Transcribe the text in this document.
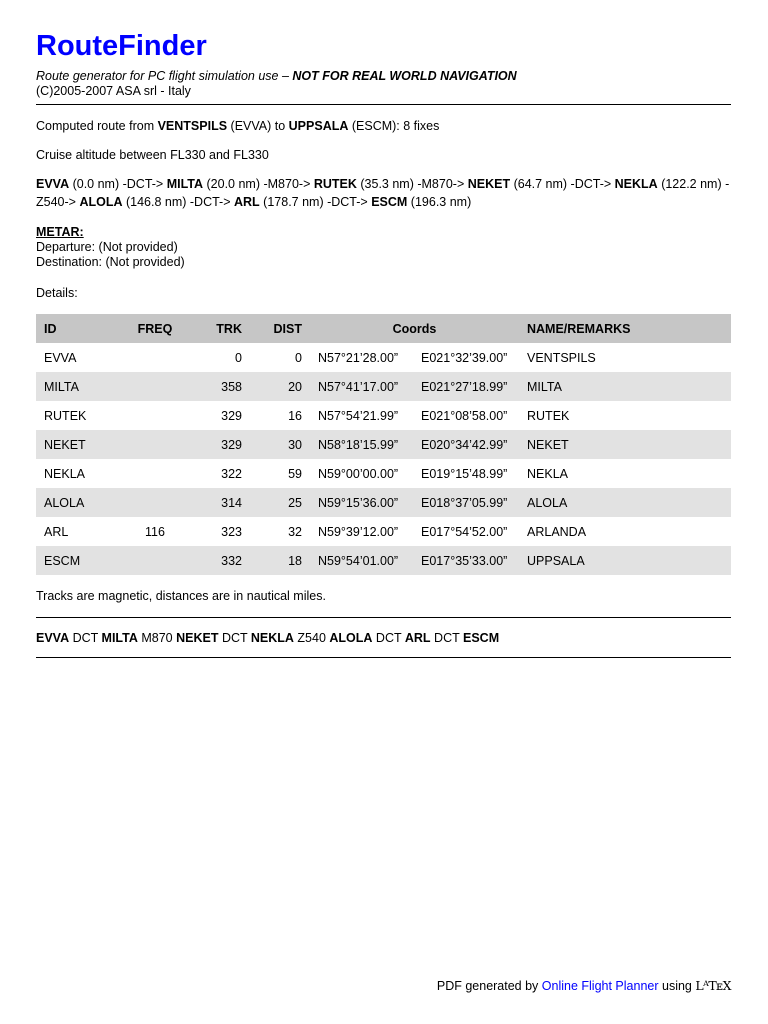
RouteFinder
Route generator for PC flight simulation use – NOT FOR REAL WORLD NAVIGATION
(C)2005-2007 ASA srl - Italy

Computed route from VENTSPILS (EVVA) to UPPSALA (ESCM): 8 fixes

Cruise altitude between FL330 and FL330

EVVA (0.0 nm) -DCT-> MILTA (20.0 nm) -M870-> RUTEK (35.3 nm) -M870-> NEKET (64.7 nm) -DCT-> NEKLA (122.2 nm) -Z540-> ALOLA (146.8 nm) -DCT-> ARL (178.7 nm) -DCT-> ESCM (196.3 nm)

METAR:
Departure: (Not provided)
Destination: (Not provided)

Details:

ID	FREQ	TRK	DIST	Coords		NAME/REMARKS
EVVA		0	0	N57°21’28.00”	E021°32’39.00”	VENTSPILS
MILTA		358	20	N57°41’17.00”	E021°27’18.99”	MILTA
RUTEK		329	16	N57°54’21.99”	E021°08’58.00”	RUTEK
NEKET		329	30	N58°18’15.99”	E020°34’42.99”	NEKET
NEKLA		322	59	N59°00’00.00”	E019°15’48.99”	NEKLA
ALOLA		314	25	N59°15’36.00”	E018°37’05.99”	ALOLA
ARL	116	323	32	N59°39’12.00”	E017°54’52.00”	ARLANDA
ESCM		332	18	N59°54’01.00”	E017°35’33.00”	UPPSALA

Tracks are magnetic, distances are in nautical miles.

EVVA DCT MILTA M870 NEKET DCT NEKLA Z540 ALOLA DCT ARL DCT ESCM

PDF generated by Online Flight Planner using LᴬTᴇX
